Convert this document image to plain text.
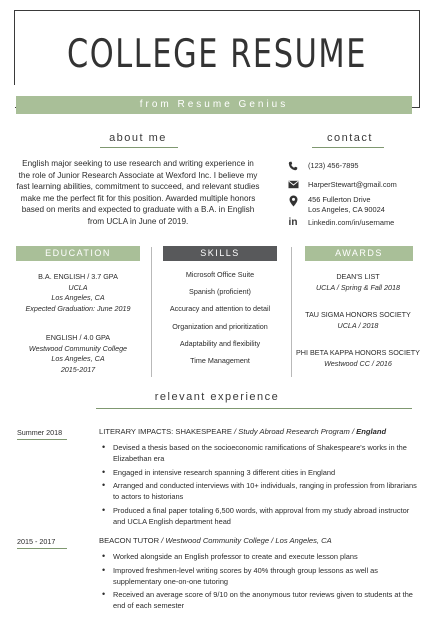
COLLEGE RESUME
from Resume Genius
about me
English major seeking to use research and writing experience in the role of Junior Research Associate at Wexford Inc. I believe my fast learning abilities, commitment to succeed, and relevant studies make me the perfect fit for this position. Awarded multiple honors based on merits and expected to graduate with a B.A. in English from UCLA in June of 2019.
contact
(123) 456-7895
HarperStewart@gmail.com
456 Fullerton Drive
Los Angeles, CA 90024
in Linkedin.com/in/username
EDUCATION	SKILLS	AWARDS
B.A. ENGLISH / 3.7 GPA
UCLA
Los Angeles, CA
Expected Graduation: June 2019
ENGLISH / 4.0 GPA
Westwood Community College
Los Angeles, CA
2015-2017
Microsoft Office Suite
Spanish (proficient)
Accuracy and attention to detail
Organization and prioritization
Adaptability and flexibility
Time Management
DEAN'S LIST
UCLA / Spring & Fall 2018
TAU SIGMA HONORS SOCIETY
UCLA / 2018
PHI BETA KAPPA HONORS SOCIETY
Westwood CC / 2016
relevant experience
Summer 2018	LITERARY IMPACTS: SHAKESPEARE / Study Abroad Research Program / England
• Devised a thesis based on the socioeconomic ramifications of Shakespeare's works in the Elizabethan era
• Engaged in intensive research spanning 3 different cities in England
• Arranged and conducted interviews with 10+ individuals, ranging in profession from librarians to actors to historians
• Produced a final paper totaling 6,500 words, with approval from my study abroad instructor and UCLA English department head
2015 - 2017	BEACON TUTOR / Westwood Community College / Los Angeles, CA
• Worked alongside an English professor to create and execute lesson plans
• Improved freshmen-level writing scores by 40% through group lessons as well as supplementary one-on-one tutoring
• Received an average score of 9/10 on the anonymous tutor reviews given to students at the end of each semester
